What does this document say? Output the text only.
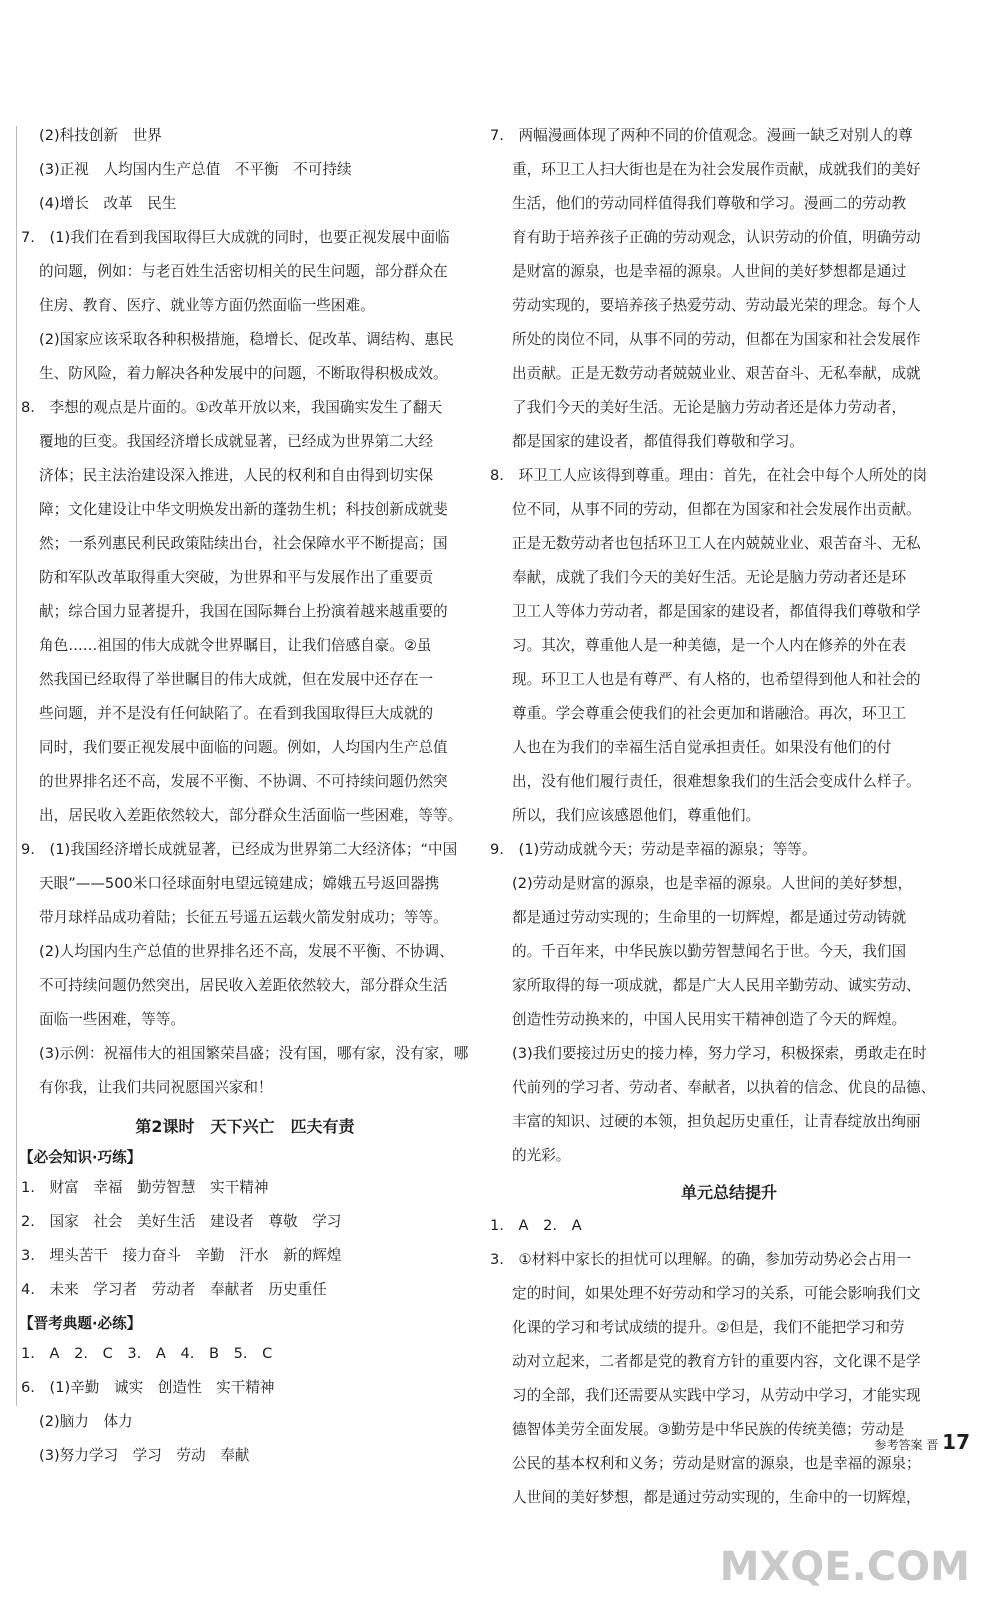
(2)科技创新　世界
(3)正视　人均国内生产总值　不平衡　不可持续
(4)增长　改革　民生
7.　(1)我们在看到我国取得巨大成就的同时，也要正视发展中面临
的问题，例如：与老百姓生活密切相关的民生问题，部分群众在
住房、教育、医疗、就业等方面仍然面临一些困难。
(2)国家应该采取各种积极措施，稳增长、促改革、调结构、惠民
生、防风险，着力解决各种发展中的问题，不断取得积极成效。
8.　李想的观点是片面的。①改革开放以来，我国确实发生了翻天
覆地的巨变。我国经济增长成就显著，已经成为世界第二大经
济体；民主法治建设深入推进，人民的权利和自由得到切实保
障；文化建设让中华文明焕发出新的蓬勃生机；科技创新成就斐
然；一系列惠民利民政策陆续出台，社会保障水平不断提高；国
防和军队改革取得重大突破，为世界和平与发展作出了重要贡
献；综合国力显著提升，我国在国际舞台上扮演着越来越重要的
角色……祖国的伟大成就令世界瞩目，让我们倍感自豪。②虽
然我国已经取得了举世瞩目的伟大成就，但在发展中还存在一
些问题，并不是没有任何缺陷了。在看到我国取得巨大成就的
同时，我们要正视发展中面临的问题。例如，人均国内生产总值
的世界排名还不高，发展不平衡、不协调、不可持续问题仍然突
出，居民收入差距依然较大，部分群众生活面临一些困难，等等。
9.　(1)我国经济增长成就显著，已经成为世界第二大经济体；“中国
天眼”——500米口径球面射电望远镜建成；嫦娥五号返回器携
带月球样品成功着陆；长征五号遥五运载火箭发射成功；等等。
(2)人均国内生产总值的世界排名还不高，发展不平衡、不协调、
不可持续问题仍然突出，居民收入差距依然较大，部分群众生活
面临一些困难，等等。
(3)示例：祝福伟大的祖国繁荣昌盛；没有国，哪有家，没有家，哪
有你我，让我们共同祝愿国兴家和！
第2课时　天下兴亡　匹夫有责
【必会知识·巧练】
1.　财富　幸福　勤劳智慧　实干精神
2.　国家　社会　美好生活　建设者　尊敬　学习
3.　埋头苦干　接力奋斗　辛勤　汗水　新的辉煌
4.　未来　学习者　劳动者　奉献者　历史重任
【晋考典题·必练】
1.　A　2.　C　3.　A　4.　B　5.　C
6.　(1)辛勤　诚实　创造性　实干精神
(2)脑力　体力
(3)努力学习　学习　劳动　奉献
7.　两幅漫画体现了两种不同的价值观念。漫画一缺乏对别人的尊
重，环卫工人扫大街也是在为社会发展作贡献，成就我们的美好
生活，他们的劳动同样值得我们尊敬和学习。漫画二的劳动教
育有助于培养孩子正确的劳动观念，认识劳动的价值，明确劳动
是财富的源泉，也是幸福的源泉。人世间的美好梦想都是通过
劳动实现的，要培养孩子热爱劳动、劳动最光荣的理念。每个人
所处的岗位不同，从事不同的劳动，但都在为国家和社会发展作
出贡献。正是无数劳动者兢兢业业、艰苦奋斗、无私奉献，成就
了我们今天的美好生活。无论是脑力劳动者还是体力劳动者，
都是国家的建设者，都值得我们尊敬和学习。
8.　环卫工人应该得到尊重。理由：首先，在社会中每个人所处的岗
位不同，从事不同的劳动，但都在为国家和社会发展作出贡献。
正是无数劳动者也包括环卫工人在内兢兢业业、艰苦奋斗、无私
奉献，成就了我们今天的美好生活。无论是脑力劳动者还是环
卫工人等体力劳动者，都是国家的建设者，都值得我们尊敬和学
习。其次，尊重他人是一种美德，是一个人内在修养的外在表
现。环卫工人也是有尊严、有人格的，也希望得到他人和社会的
尊重。学会尊重会使我们的社会更加和谐融洽。再次，环卫工
人也在为我们的幸福生活自觉承担责任。如果没有他们的付
出，没有他们履行责任，很难想象我们的生活会变成什么样子。
所以，我们应该感恩他们，尊重他们。
9.　(1)劳动成就今天；劳动是幸福的源泉；等等。
(2)劳动是财富的源泉，也是幸福的源泉。人世间的美好梦想，
都是通过劳动实现的；生命里的一切辉煌，都是通过劳动铸就
的。千百年来，中华民族以勤劳智慧闻名于世。今天，我们国
家所取得的每一项成就，都是广大人民用辛勤劳动、诚实劳动、
创造性劳动换来的，中国人民用实干精神创造了今天的辉煌。
(3)我们要接过历史的接力棒，努力学习，积极探索，勇敢走在时
代前列的学习者、劳动者、奉献者，以执着的信念、优良的品德、
丰富的知识、过硬的本领，担负起历史重任，让青春绽放出绚丽
的光彩。
单元总结提升
1.　A　2.　A
3.　①材料中家长的担忧可以理解。的确，参加劳动势必会占用一
定的时间，如果处理不好劳动和学习的关系，可能会影响我们文
化课的学习和考试成绩的提升。②但是，我们不能把学习和劳
动对立起来，二者都是党的教育方针的重要内容，文化课不是学
习的全部，我们还需要从实践中学习，从劳动中学习，才能实现
德智体美劳全面发展。③勤劳是中华民族的传统美德；劳动是
公民的基本权利和义务；劳动是财富的源泉，也是幸福的源泉；
人世间的美好梦想，都是通过劳动实现的，生命中的一切辉煌，
参考答案 晋 17
MXQE.COM
